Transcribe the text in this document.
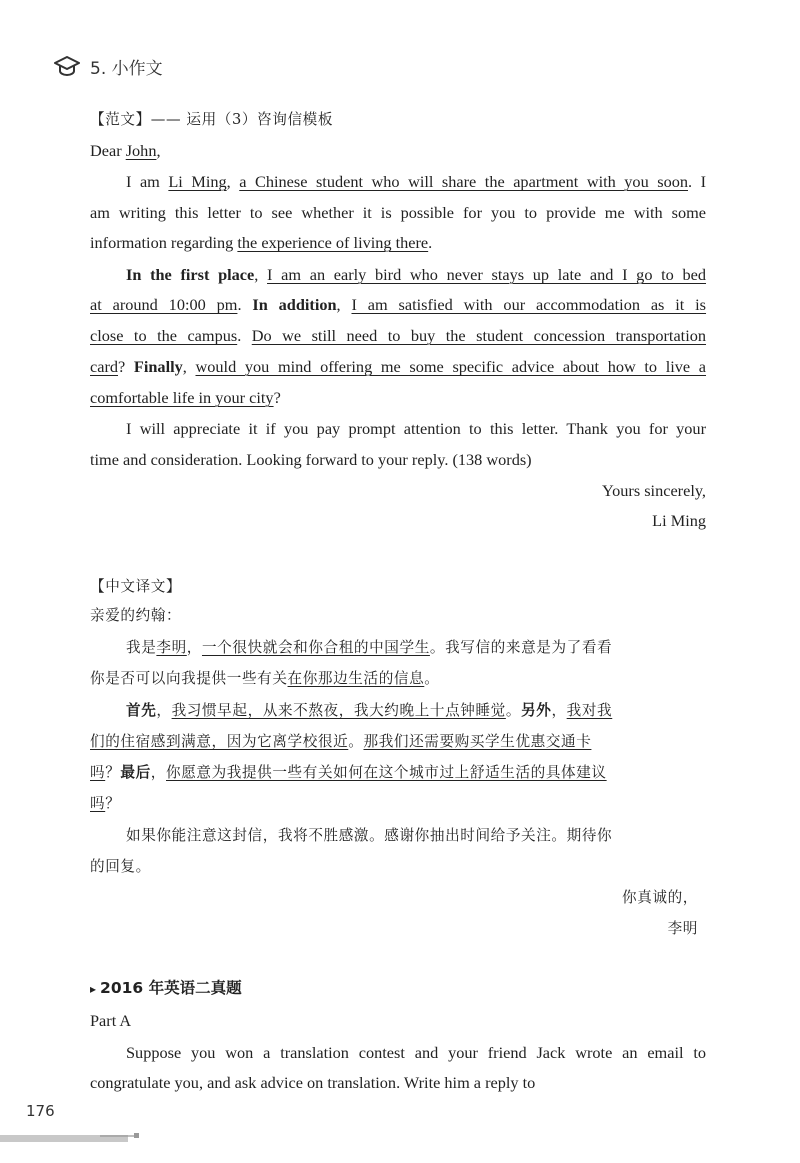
5. 小作文
【范文】—— 运用（3）咨询信模板
Dear John,
I am Li Ming, a Chinese student who will share the apartment with you soon. I
am writing this letter to see whether it is possible for you to provide me with some
information regarding the experience of living there.
In the first place, I am an early bird who never stays up late and I go to bed
at around 10:00 pm. In addition, I am satisfied with our accommodation as it is
close to the campus. Do we still need to buy the student concession transportation
card? Finally, would you mind offering me some specific advice about how to live a
comfortable life in your city?
I will appreciate it if you pay prompt attention to this letter. Thank you for your
time and consideration. Looking forward to your reply. (138 words)
Yours sincerely,
Li Ming
【中文译文】
亲爱的约翰：
我是李明，一个很快就会和你合租的中国学生。我写信的来意是为了看看
你是否可以向我提供一些有关在你那边生活的信息。
首先，我习惯早起，从来不熬夜，我大约晚上十点钟睡觉。另外，我对我
们的住宿感到满意，因为它离学校很近。那我们还需要购买学生优惠交通卡
吗？最后，你愿意为我提供一些有关如何在这个城市过上舒适生活的具体建议
吗？
如果你能注意这封信，我将不胜感激。感谢你抽出时间给予关注。期待你
的回复。
你真诚的，
李明
▸ 2016 年英语二真题
Part A
Suppose you won a translation contest and your friend Jack wrote an email to
congratulate you, and ask advice on translation. Write him a reply to
176
